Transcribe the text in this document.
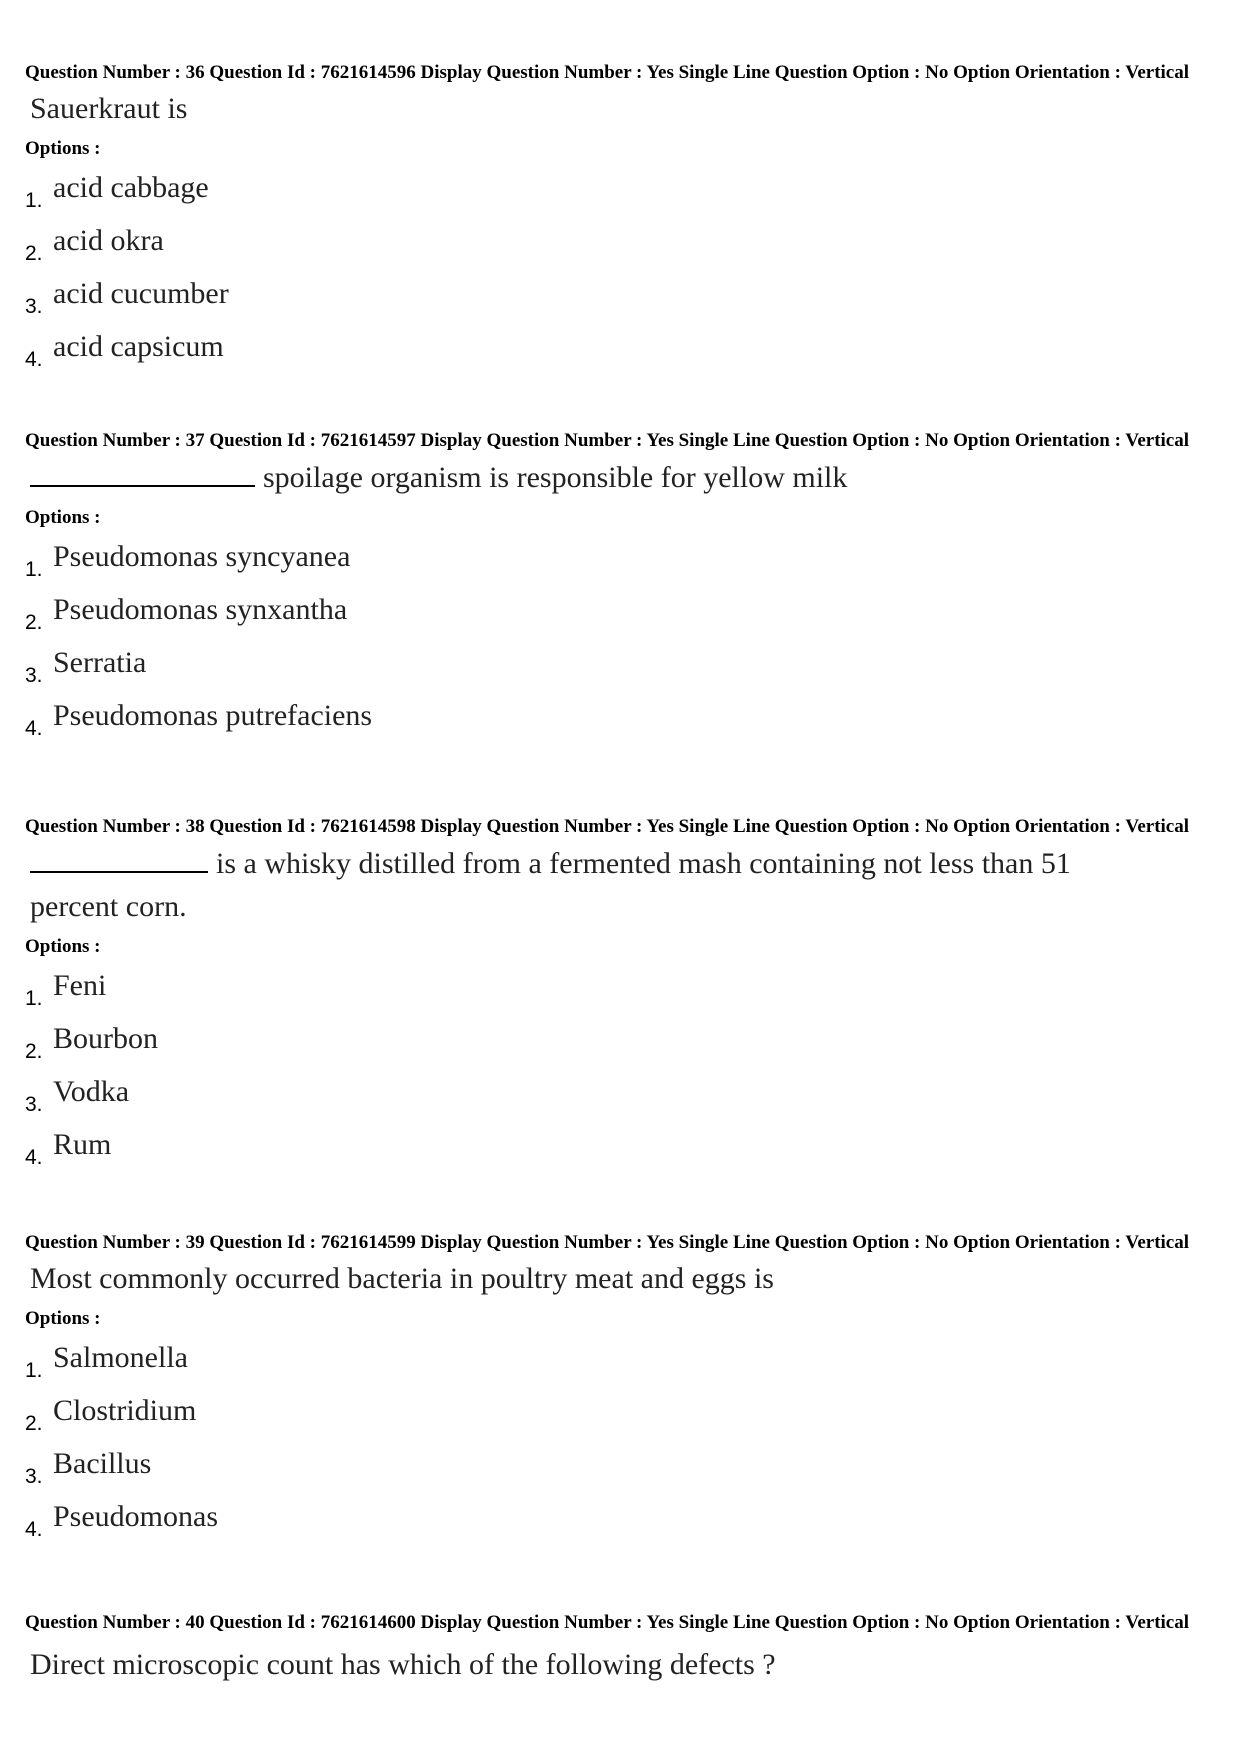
Question Number : 36 Question Id : 7621614596 Display Question Number : Yes Single Line Question Option : No Option Orientation : Vertical

Sauerkraut is
Options :
1. acid cabbage
2. acid okra
3. acid cucumber
4. acid capsicum

Question Number : 37 Question Id : 7621614597 Display Question Number : Yes Single Line Question Option : No Option Orientation : Vertical

spoilage organism is responsible for yellow milk
Options :
1. Pseudomonas syncyanea
2. Pseudomonas synxantha
3. Serratia
4. Pseudomonas putrefaciens

Question Number : 38 Question Id : 7621614598 Display Question Number : Yes Single Line Question Option : No Option Orientation : Vertical

is a whisky distilled from a fermented mash containing not less than 51
percent corn.
Options :
1. Feni
2. Bourbon
3. Vodka
4. Rum

Question Number : 39 Question Id : 7621614599 Display Question Number : Yes Single Line Question Option : No Option Orientation : Vertical

Most commonly occurred bacteria in poultry meat and eggs is
Options :
1. Salmonella
2. Clostridium
3. Bacillus
4. Pseudomonas

Question Number : 40 Question Id : 7621614600 Display Question Number : Yes Single Line Question Option : No Option Orientation : Vertical

Direct microscopic count has which of the following defects ?
